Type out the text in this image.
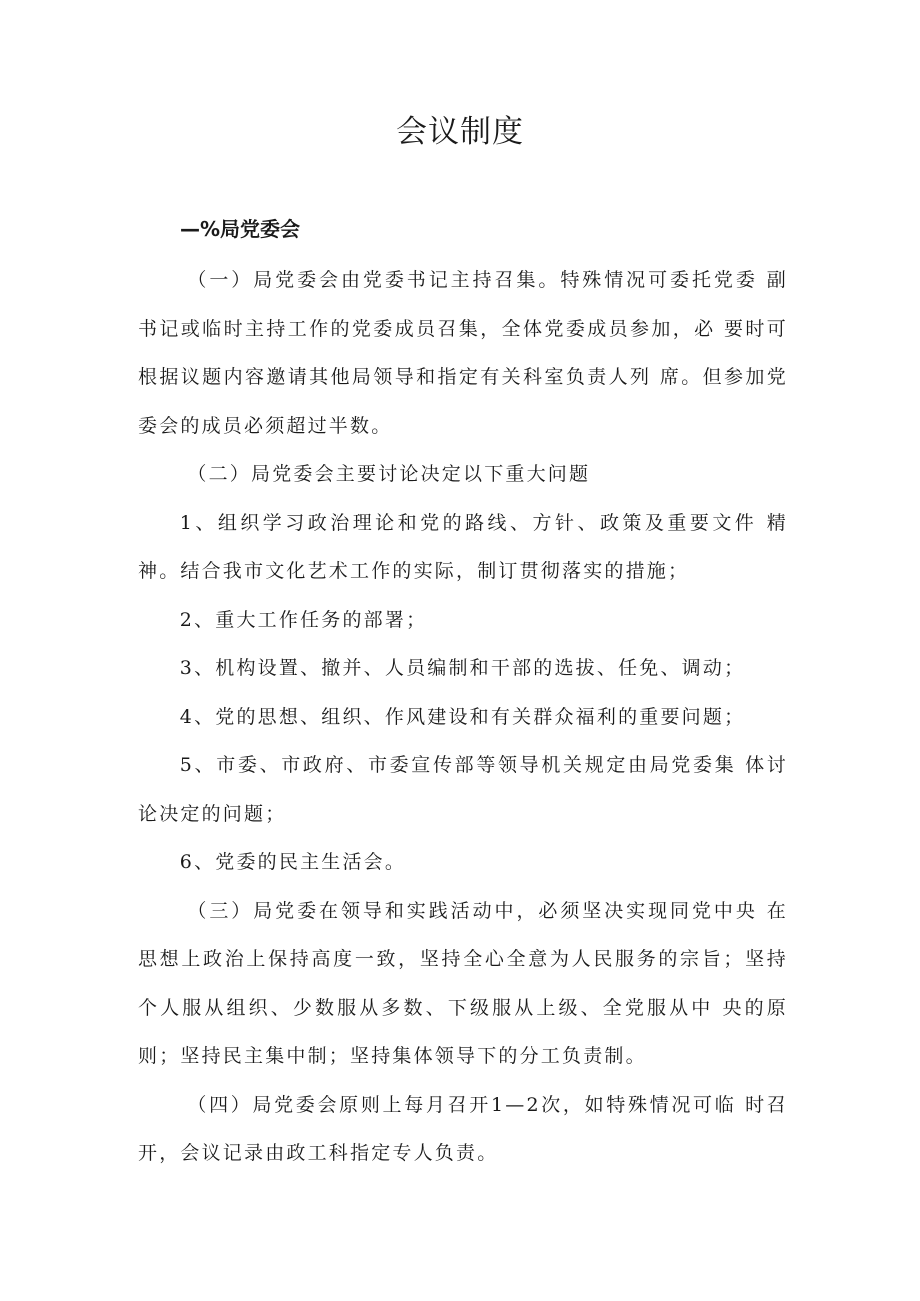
会议制度
—%局党委会

（一）局党委会由党委书记主持召集。特殊情况可委托党委 副书记或临时主持工作的党委成员召集，全体党委成员参加，必 要时可根据议题内容邀请其他局领导和指定有关科室负责人列 席。但参加党委会的成员必须超过半数。

（二）局党委会主要讨论决定以下重大问题

1、组织学习政治理论和党的路线、方针、政策及重要文件 精神。结合我市文化艺术工作的实际，制订贯彻落实的措施；

2、重大工作任务的部署；

3、机构设置、撤并、人员编制和干部的选拔、任免、调动；

4、党的思想、组织、作风建设和有关群众福利的重要问题；

5、市委、市政府、市委宣传部等领导机关规定由局党委集 体讨论决定的问题；

6、党委的民主生活会。

（三）局党委在领导和实践活动中，必须坚决实现同党中央 在思想上政治上保持高度一致，坚持全心全意为人民服务的宗旨；坚持个人服从组织、少数服从多数、下级服从上级、全党服从中 央的原则；坚持民主集中制；坚持集体领导下的分工负责制。

（四）局党委会原则上每月召开1—2次，如特殊情况可临 时召开，会议记录由政工科指定专人负责。
